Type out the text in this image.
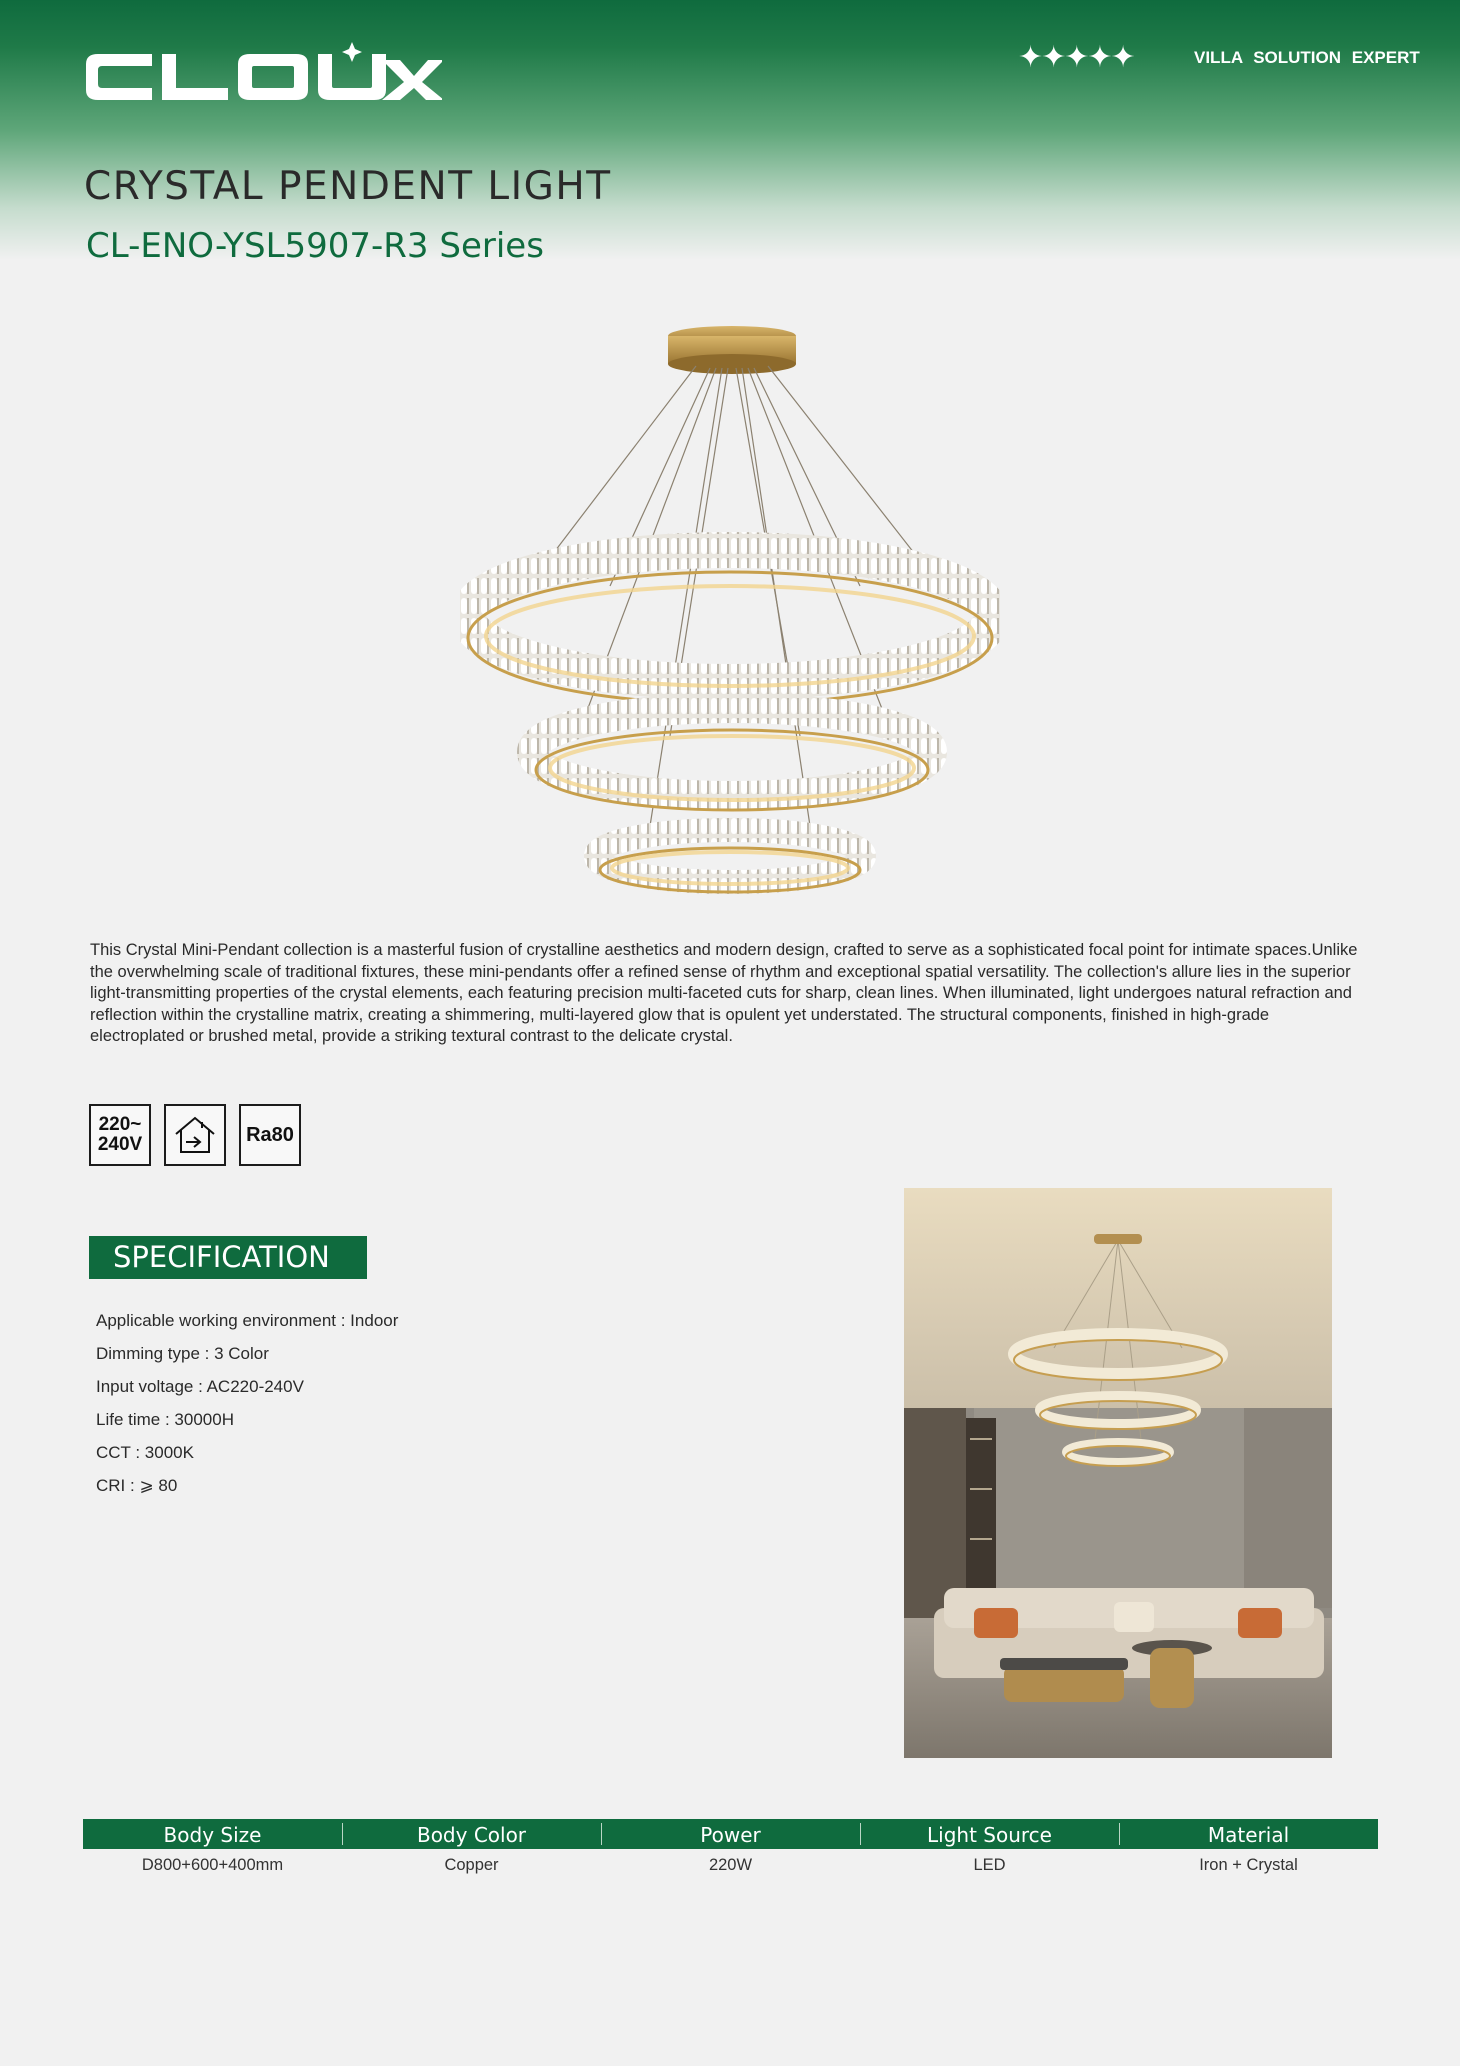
✦✦✦✦✦	VILLA SOLUTION EXPERT
CRYSTAL PENDENT LIGHT
CL-ENO-YSL5907-R3 Series
This Crystal Mini-Pendant collection is a masterful fusion of crystalline aesthetics and modern design, crafted to serve as a sophisticated focal point for intimate spaces.Unlike the overwhelming scale of traditional fixtures, these mini-pendants offer a refined sense of rhythm and exceptional spatial versatility. The collection's allure lies in the superior light-transmitting properties of the crystal elements, each featuring precision multi-faceted cuts for sharp, clean lines. When illuminated, light undergoes natural refraction and reflection within the crystalline matrix, creating a shimmering, multi-layered glow that is opulent yet understated. The structural components, finished in high-grade electroplated or brushed metal, provide a striking textural contrast to the delicate crystal.
220~
240V	Ra80
SPECIFICATION
Applicable working environment : Indoor
Dimming type : 3 Color
Input voltage : AC220-240V
Life time : 30000H
CCT : 3000K
CRI : ⩾ 80
Body Size	Body Color	Power	Light Source	Material
D800+600+400mm	Copper	220W	LED	Iron + Crystal
